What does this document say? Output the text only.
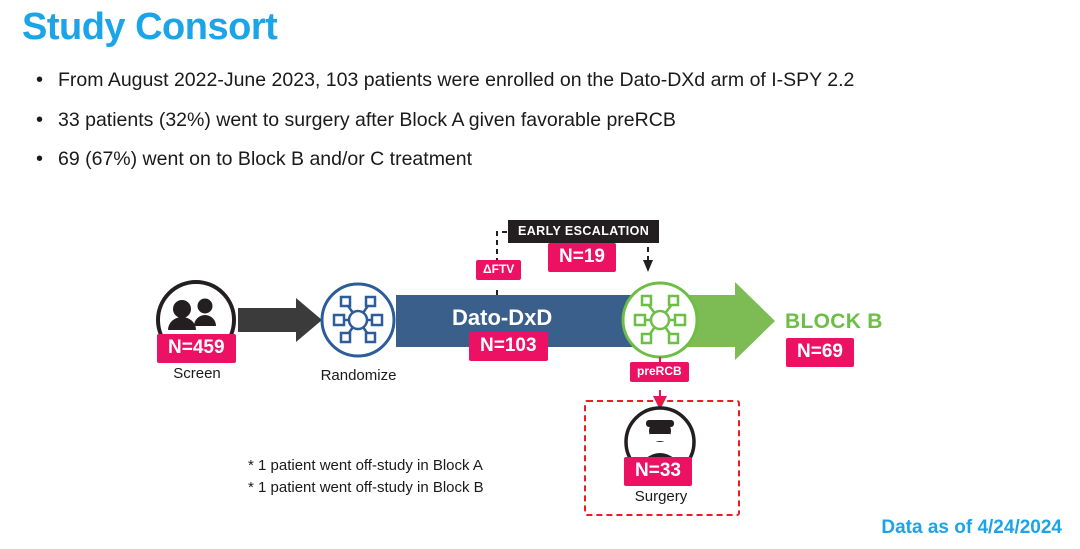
Study Consort
• From August 2022-June 2023, 103 patients were enrolled on the Dato-DXd arm of I-SPY 2.2
• 33 patients (32%) went to surgery after Block A given favorable preRCB
• 69 (67%) went on to Block B and/or C treatment
EARLY ESCALATION
N=19
ΔFTV
N=459
Screen	Randomize
Dato-DxD
N=103
preRCB
N=33
Surgery
BLOCK B
N=69
* 1 patient went off-study in Block A
* 1 patient went off-study in Block B
Data as of 4/24/2024
